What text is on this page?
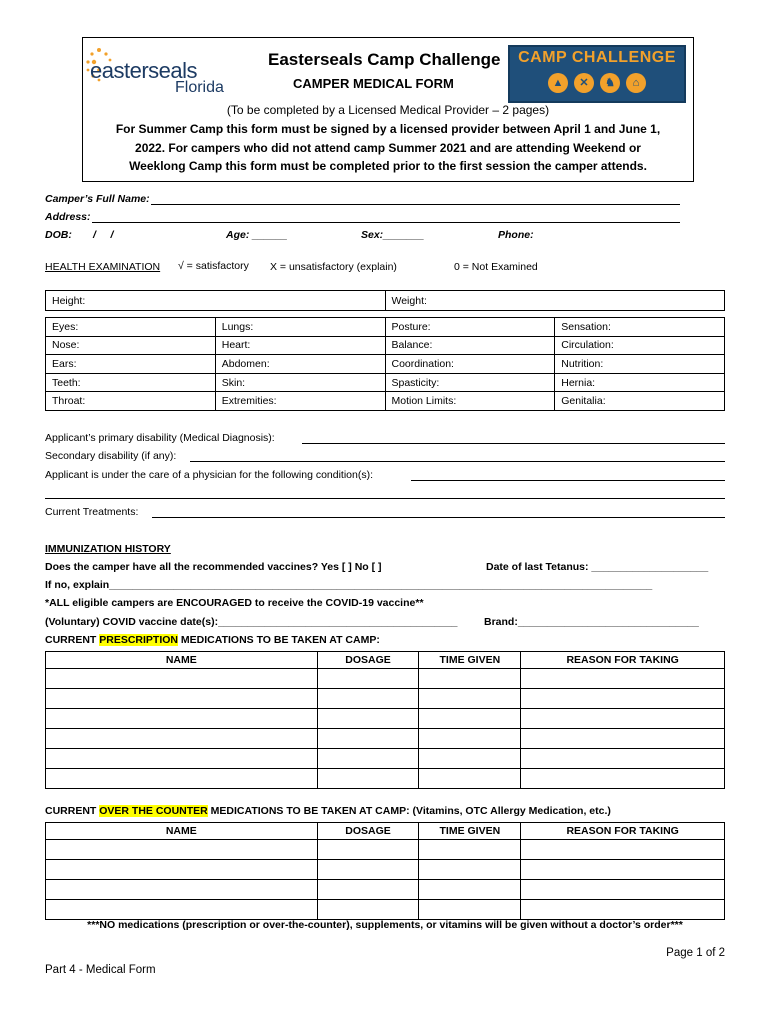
easterseals
Florida
Easterseals Camp Challenge
CAMPER MEDICAL FORM
CAMP CHALLENGE
▲	✕	♞	⌂
(To be completed by a Licensed Medical Provider – 2 pages)
For Summer Camp this form must be signed by a licensed provider between April 1 and June 1,
2022. For campers who did not attend camp Summer 2021 and are attending Weekend or
Weeklong Camp this form must be completed prior to the first session the camper attends.
Camper’s Full Name:
Address:
DOB: /     /	Age: ______	Sex:_______	Phone:
HEALTH EXAMINATION √ = satisfactory X = unsatisfactory (explain)	0 = Not Examined
Height:	Weight:
Eyes:	Lungs:	Posture:	Sensation:
Nose:	Heart:	Balance:	Circulation:
Ears:	Abdomen:	Coordination:	Nutrition:
Teeth:	Skin:	Spasticity:	Hernia:
Throat:	Extremities:	Motion Limits:	Genitalia:
Applicant’s primary disability (Medical Diagnosis):
Secondary disability (if any):
Applicant is under the care of a physician for the following condition(s):
Current Treatments:
IMMUNIZATION HISTORY
Does the camper have all the recommended vaccines? Yes [ ] No [ ]	Date of last Tetanus: ____________________
If no, explain_____________________________________________________________________________________________
*ALL eligible campers are ENCOURAGED to receive the COVID-19 vaccine**
(Voluntary) COVID vaccine date(s):_________________________________________	Brand:_______________________________
CURRENT PRESCRIPTION MEDICATIONS TO BE TAKEN AT CAMP:
NAME	DOSAGE	TIME GIVEN	REASON FOR TAKING

CURRENT OVER THE COUNTER MEDICATIONS TO BE TAKEN AT CAMP: (Vitamins, OTC Allergy Medication, etc.)
NAME	DOSAGE	TIME GIVEN	REASON FOR TAKING

***NO medications (prescription or over-the-counter), supplements, or vitamins will be given without a doctor’s order***
Page 1 of 2
Part 4 - Medical Form
